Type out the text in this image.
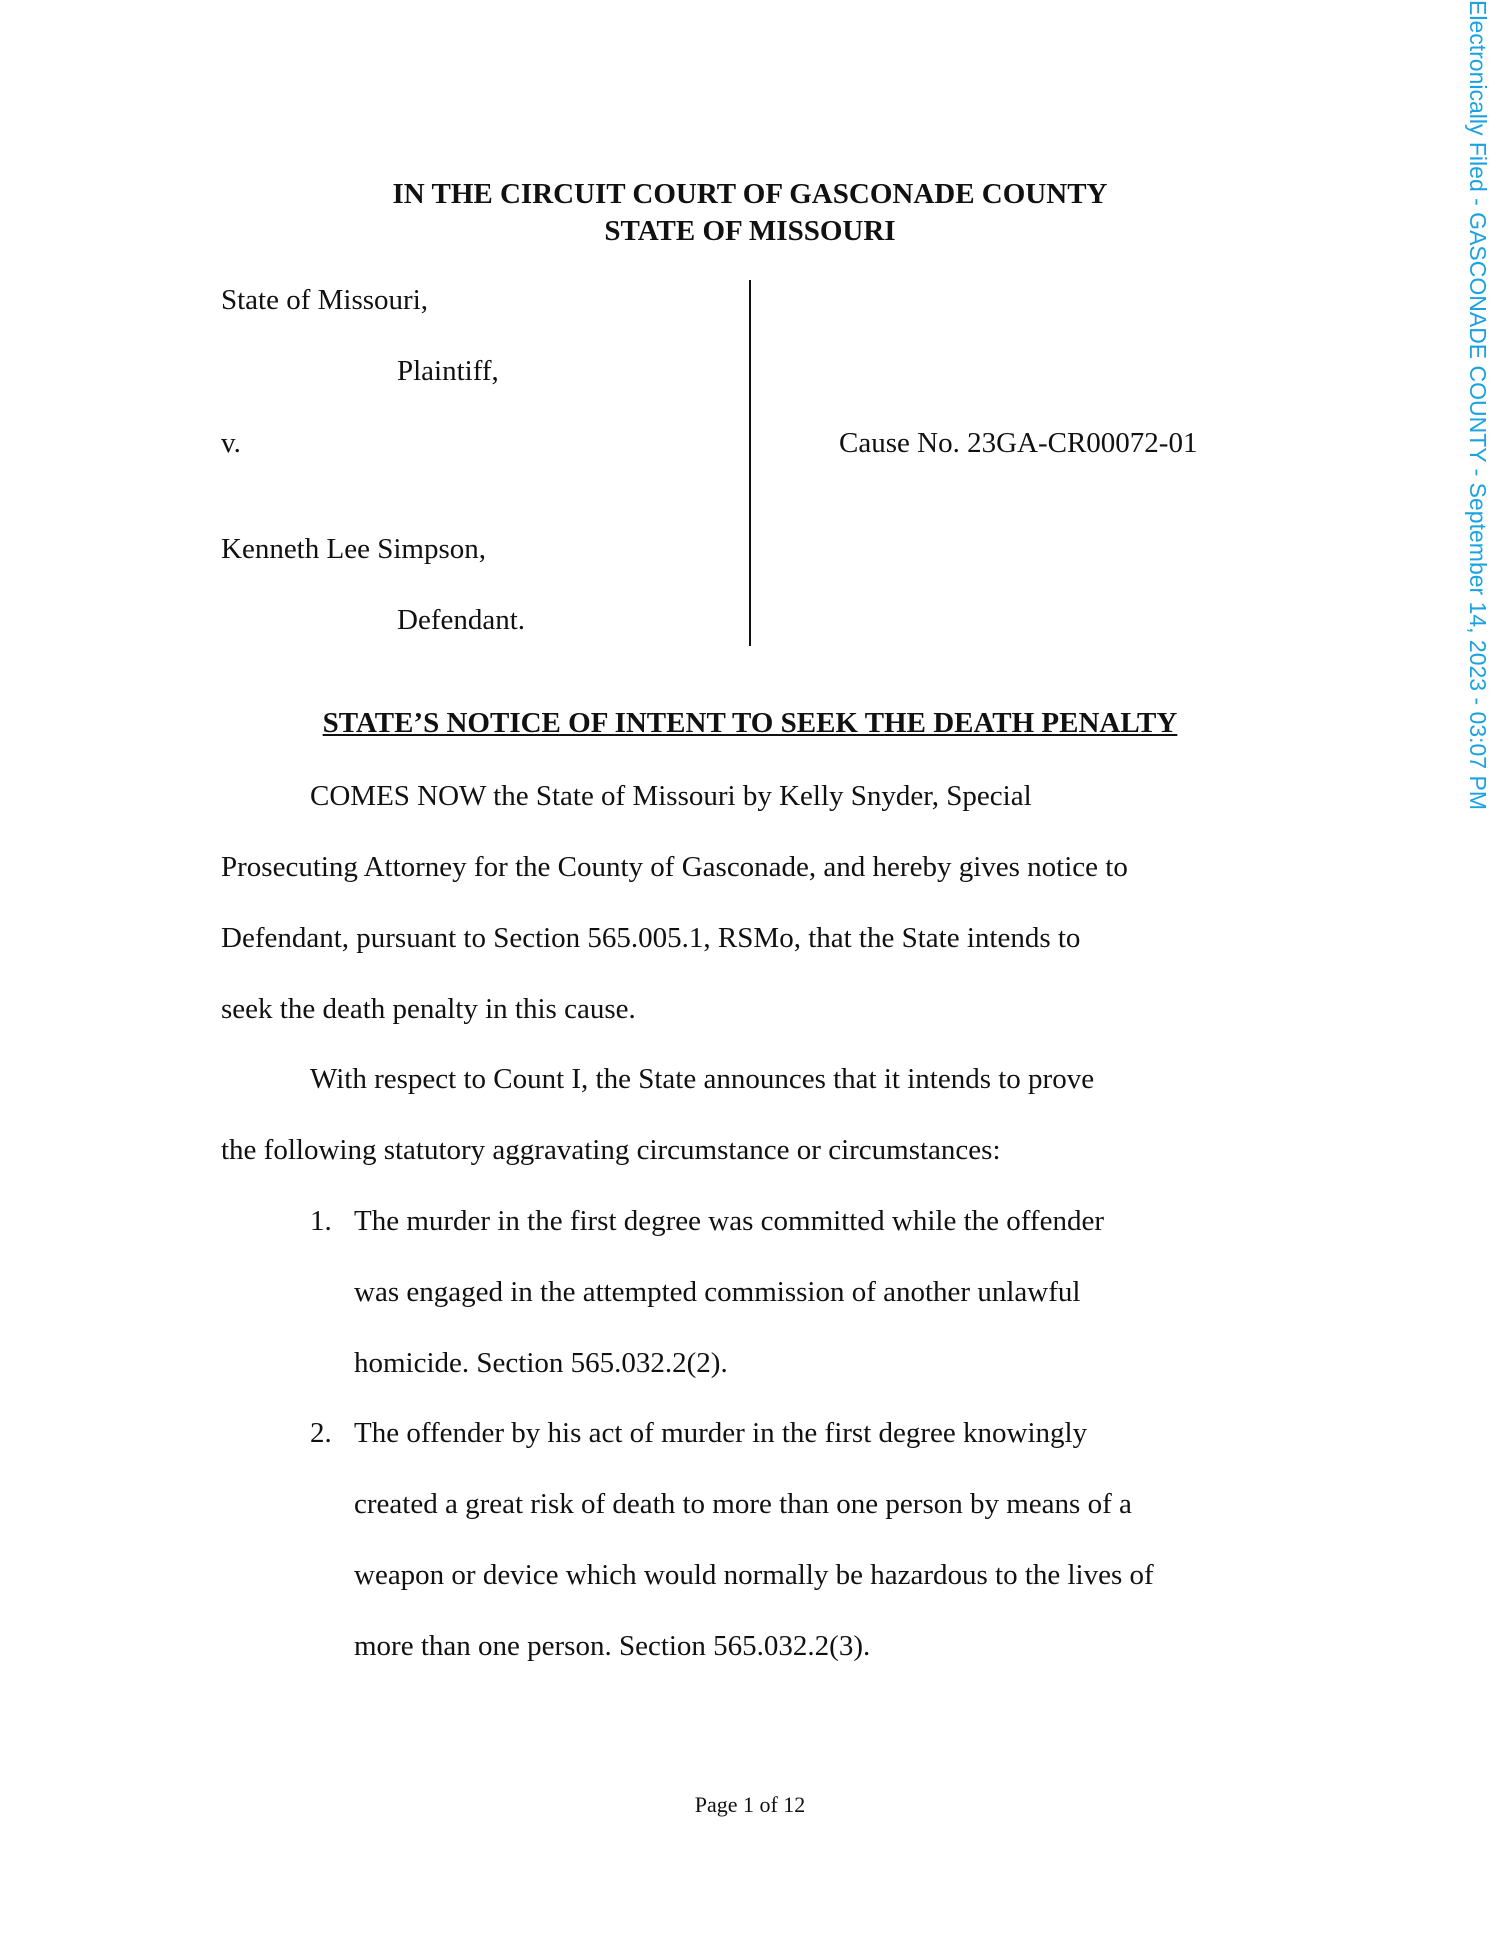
Electronically Filed - GASCONADE COUNTY - September 14, 2023 - 03:07 PM
IN THE CIRCUIT COURT OF GASCONADE COUNTY
STATE OF MISSOURI
State of Missouri,
Plaintiff,
v.	Cause No. 23GA-CR00072-01
Kenneth Lee Simpson,
Defendant.
STATE’S NOTICE OF INTENT TO SEEK THE DEATH PENALTY
COMES NOW the State of Missouri by Kelly Snyder, Special
Prosecuting Attorney for the County of Gasconade, and hereby gives notice to
Defendant, pursuant to Section 565.005.1, RSMo, that the State intends to
seek the death penalty in this cause.
With respect to Count I, the State announces that it intends to prove
the following statutory aggravating circumstance or circumstances:
1. The murder in the first degree was committed while the offender
was engaged in the attempted commission of another unlawful
homicide. Section 565.032.2(2).
2. The offender by his act of murder in the first degree knowingly
created a great risk of death to more than one person by means of a
weapon or device which would normally be hazardous to the lives of
more than one person. Section 565.032.2(3).
Page 1 of 12
